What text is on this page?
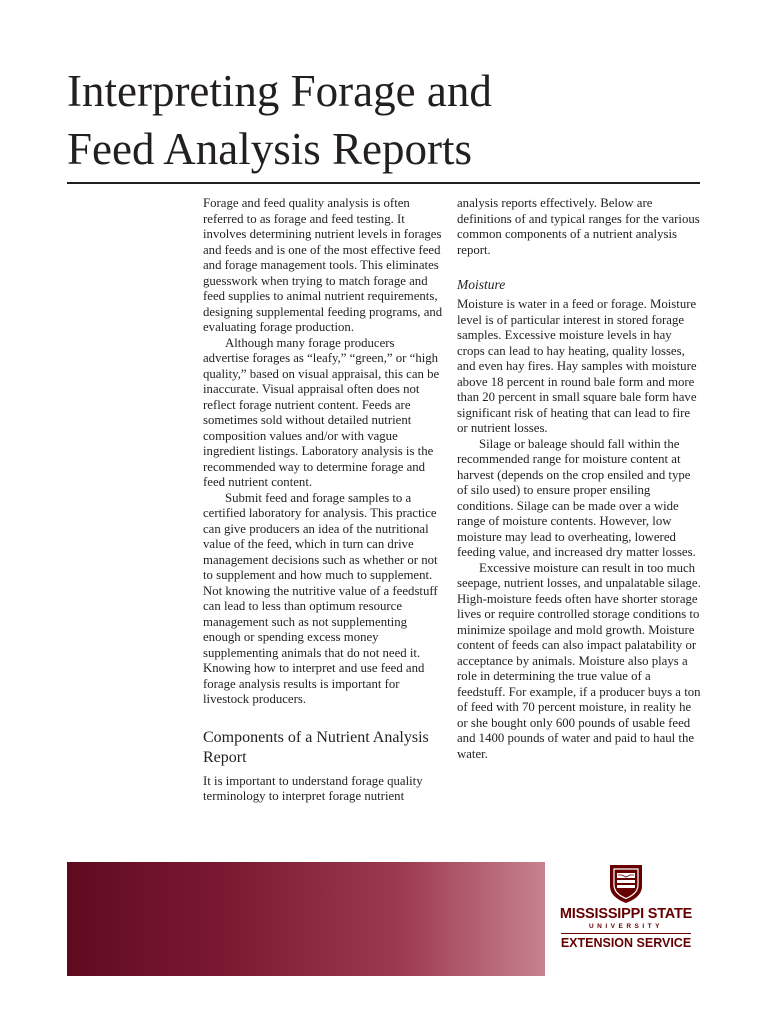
Interpreting Forage and
Feed Analysis Reports

Forage and feed quality analysis is often referred to as forage and feed testing. It involves determining nutrient levels in forages and feeds and is one of the most effective feed and forage management tools. This eliminates guesswork when trying to match forage and feed supplies to animal nutrient requirements, designing supplemental feeding programs, and evaluating forage production.

Although many forage producers advertise forages as “leafy,” “green,” or “high quality,” based on visual appraisal, this can be inaccurate. Visual appraisal often does not reflect forage nutrient content. Feeds are sometimes sold without detailed nutrient composition values and/or with vague ingredient listings. Laboratory analysis is the recommended way to determine forage and feed nutrient content.

Submit feed and forage samples to a certified laboratory for analysis. This practice can give producers an idea of the nutritional value of the feed, which in turn can drive management decisions such as whether or not to supplement and how much to supplement. Not knowing the nutritive value of a feedstuff can lead to less than optimum resource management such as not supplementing enough or spending excess money supplementing animals that do not need it. Knowing how to interpret and use feed and forage analysis results is important for livestock producers.

Components of a Nutrient Analysis Report

It is important to understand forage quality terminology to interpret forage nutrient

analysis reports effectively. Below are definitions of and typical ranges for the various common components of a nutrient analysis report.

Moisture

Moisture is water in a feed or forage. Moisture level is of particular interest in stored forage samples. Excessive moisture levels in hay crops can lead to hay heating, quality losses, and even hay fires. Hay samples with moisture above 18 percent in round bale form and more than 20 percent in small square bale form have significant risk of heating that can lead to fire or nutrient losses.

Silage or baleage should fall within the recommended range for moisture content at harvest (depends on the crop ensiled and type of silo used) to ensure proper ensiling conditions. Silage can be made over a wide range of moisture contents. However, low moisture may lead to overheating, lowered feeding value, and increased dry matter losses.

Excessive moisture can result in too much seepage, nutrient losses, and unpalatable silage. High-moisture feeds often have shorter storage lives or require controlled storage conditions to minimize spoilage and mold growth. Moisture content of feeds can also impact palatability or acceptance by animals. Moisture also plays a role in determining the true value of a feedstuff. For example, if a producer buys a ton of feed with 70 percent moisture, in reality he or she bought only 600 pounds of usable feed and 1400 pounds of water and paid to haul the water.

MISSISSIPPI STATE
UNIVERSITY
EXTENSION SERVICE
